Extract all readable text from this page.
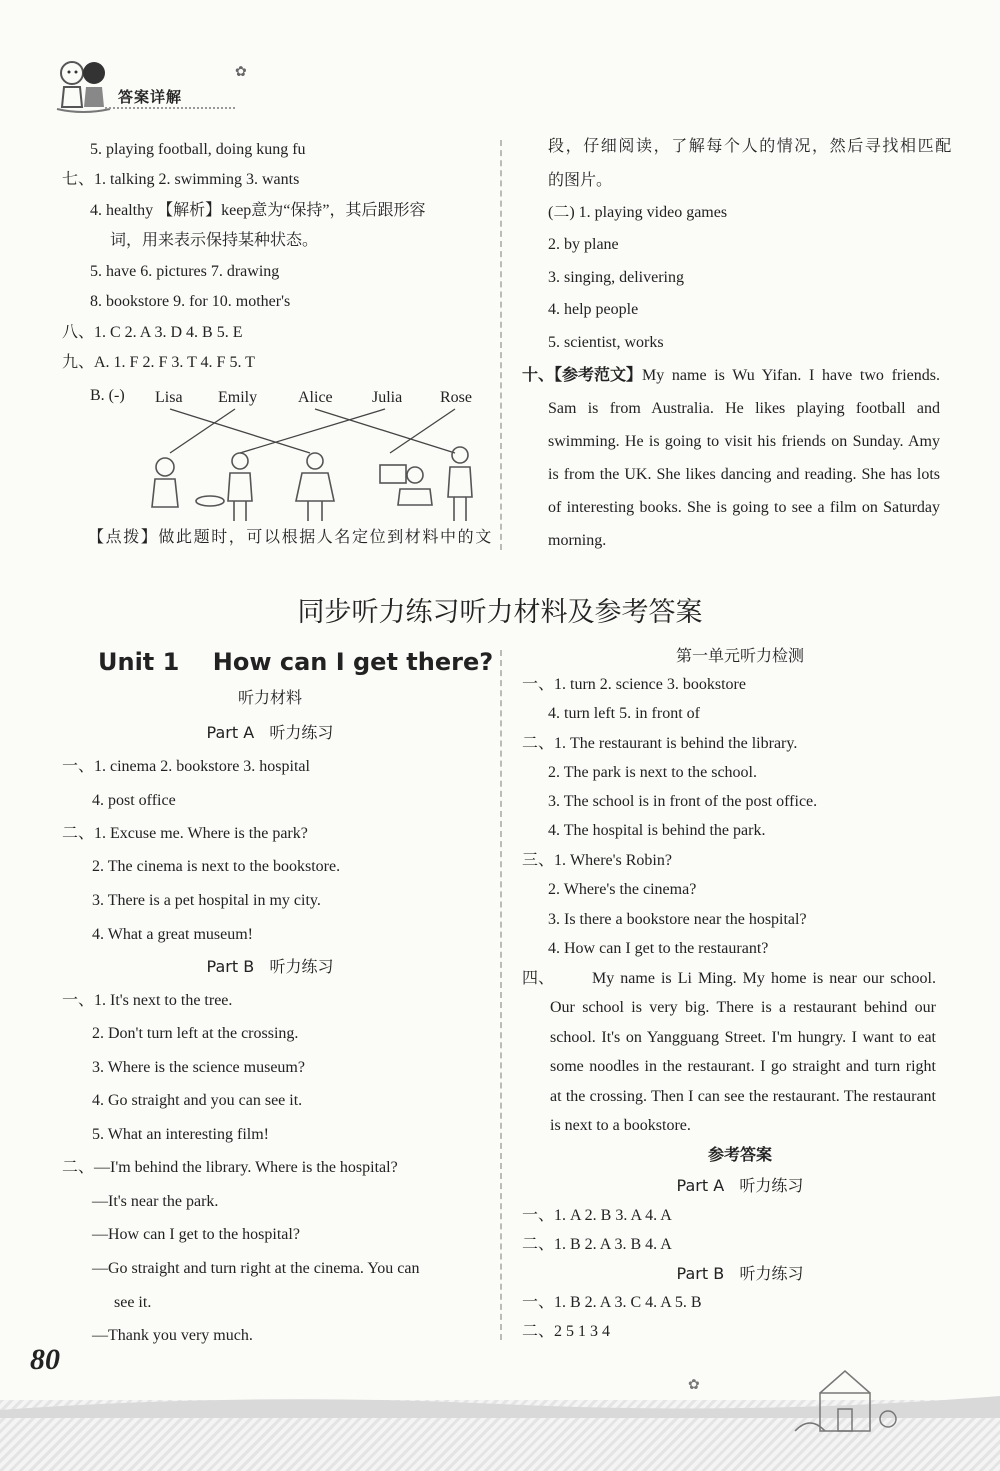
答案详解
✿
5. playing football, doing kung fu
七、1. talking 2. swimming 3. wants
4. healthy 【解析】keep意为“保持”，其后跟形容
词，用来表示保持某种状态。
5. have 6. pictures 7. drawing
8. bookstore 9. for 10. mother's
八、1. C 2. A 3. D 4. B 5. E
九、A. 1. F 2. F 3. T 4. F 5. T
B. (-) Lisa Emily	Alice Julia Rose
【点拨】做此题时，可以根据人名定位到材料中的文
段，仔细阅读，了解每个人的情况，然后寻找相匹配
的图片。
(二) 1. playing video games
2. by plane
3. singing, delivering
4. help people
5. scientist, works
十、【参考范文】 My name is Wu Yifan. I have two friends. Sam is from Australia. He likes playing football and swimming. He is going to visit his friends on Sunday. Amy is from the UK. She likes dancing and reading. She has lots of interesting books. She is going to see a film on Saturday morning.
同步听力练习听力材料及参考答案
Unit 1    How can I get there?
听力材料
Part A   听力练习
一、1. cinema 2. bookstore 3. hospital
4. post office
二、1. Excuse me. Where is the park?
2. The cinema is next to the bookstore.
3. There is a pet hospital in my city.
4. What a great museum!
Part B   听力练习
一、1. It's next to the tree.
2. Don't turn left at the crossing.
3. Where is the science museum?
4. Go straight and you can see it.
5. What an interesting film!
二、—I'm behind the library. Where is the hospital?
—It's near the park.
—How can I get to the hospital?
—Go straight and turn right at the cinema. You can
see it.
—Thank you very much.
第一单元听力检测
一、1. turn 2. science 3. bookstore
4. turn left 5. in front of
二、1. The restaurant is behind the library.
2. The park is next to the school.
3. The school is in front of the post office.
4. The hospital is behind the park.
三、1. Where's Robin?
2. Where's the cinema?
3. Is there a bookstore near the hospital?
4. How can I get to the restaurant?
四、	My name is Li Ming. My home is near our school. Our school is very big. There is a restaurant behind our school. It's on Yangguang Street. I'm hungry. I want to eat some noodles in the restaurant. I go straight and turn right at the crossing. Then I can see the restaurant. The restaurant is next to a bookstore.
参考答案
Part A   听力练习
一、1. A 2. B 3. A 4. A
二、1. B 2. A 3. B 4. A
Part B   听力练习
一、1. B 2. A 3. C 4. A 5. B
二、2 5 1 3 4
80
✿
